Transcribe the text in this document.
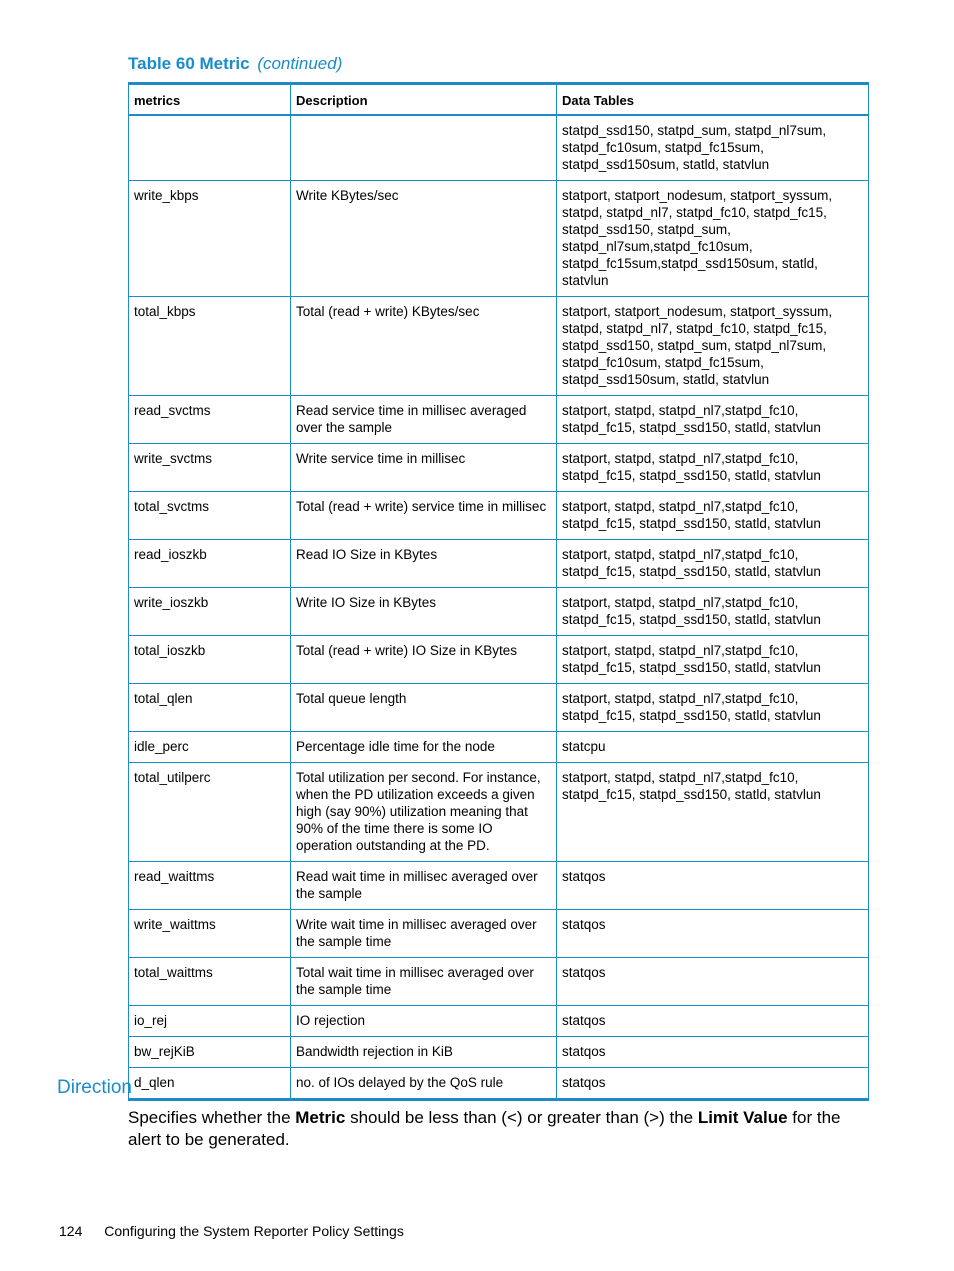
Table 60 Metric (continued)
metrics	Description	Data Tables
		statpd_ssd150, statpd_sum, statpd_nl7sum, statpd_fc10sum, statpd_fc15sum, statpd_ssd150sum, statld, statvlun
write_kbps	Write KBytes/sec	statport, statport_nodesum, statport_syssum, statpd, statpd_nl7, statpd_fc10, statpd_fc15, statpd_ssd150, statpd_sum, statpd_nl7sum,statpd_fc10sum, statpd_fc15sum,statpd_ssd150sum, statld, statvlun
total_kbps	Total (read + write) KBytes/sec	statport, statport_nodesum, statport_syssum, statpd, statpd_nl7, statpd_fc10, statpd_fc15, statpd_ssd150, statpd_sum, statpd_nl7sum, statpd_fc10sum, statpd_fc15sum, statpd_ssd150sum, statld, statvlun
read_svctms	Read service time in millisec averaged over the sample	statport, statpd, statpd_nl7,statpd_fc10, statpd_fc15, statpd_ssd150, statld, statvlun
write_svctms	Write service time in millisec	statport, statpd, statpd_nl7,statpd_fc10, statpd_fc15, statpd_ssd150, statld, statvlun
total_svctms	Total (read + write) service time in millisec	statport, statpd, statpd_nl7,statpd_fc10, statpd_fc15, statpd_ssd150, statld, statvlun
read_ioszkb	Read IO Size in KBytes	statport, statpd, statpd_nl7,statpd_fc10, statpd_fc15, statpd_ssd150, statld, statvlun
write_ioszkb	Write IO Size in KBytes	statport, statpd, statpd_nl7,statpd_fc10, statpd_fc15, statpd_ssd150, statld, statvlun
total_ioszkb	Total (read + write) IO Size in KBytes	statport, statpd, statpd_nl7,statpd_fc10, statpd_fc15, statpd_ssd150, statld, statvlun
total_qlen	Total queue length	statport, statpd, statpd_nl7,statpd_fc10, statpd_fc15, statpd_ssd150, statld, statvlun
idle_perc	Percentage idle time for the node	statcpu
total_utilperc	Total utilization per second. For instance, when the PD utilization exceeds a given high (say 90%) utilization meaning that 90% of the time there is some IO operation outstanding at the PD.	statport, statpd, statpd_nl7,statpd_fc10, statpd_fc15, statpd_ssd150, statld, statvlun
read_waittms	Read wait time in millisec averaged over the sample	statqos
write_waittms	Write wait time in millisec averaged over the sample time	statqos
total_waittms	Total wait time in millisec averaged over the sample time	statqos
io_rej	IO rejection	statqos
bw_rejKiB	Bandwidth rejection in KiB	statqos
d_qlen	no. of IOs delayed by the QoS rule	statqos
Direction
Specifies whether the Metric should be less than (<) or greater than (>) the Limit Value for the alert to be generated.
124 Configuring the System Reporter Policy Settings
